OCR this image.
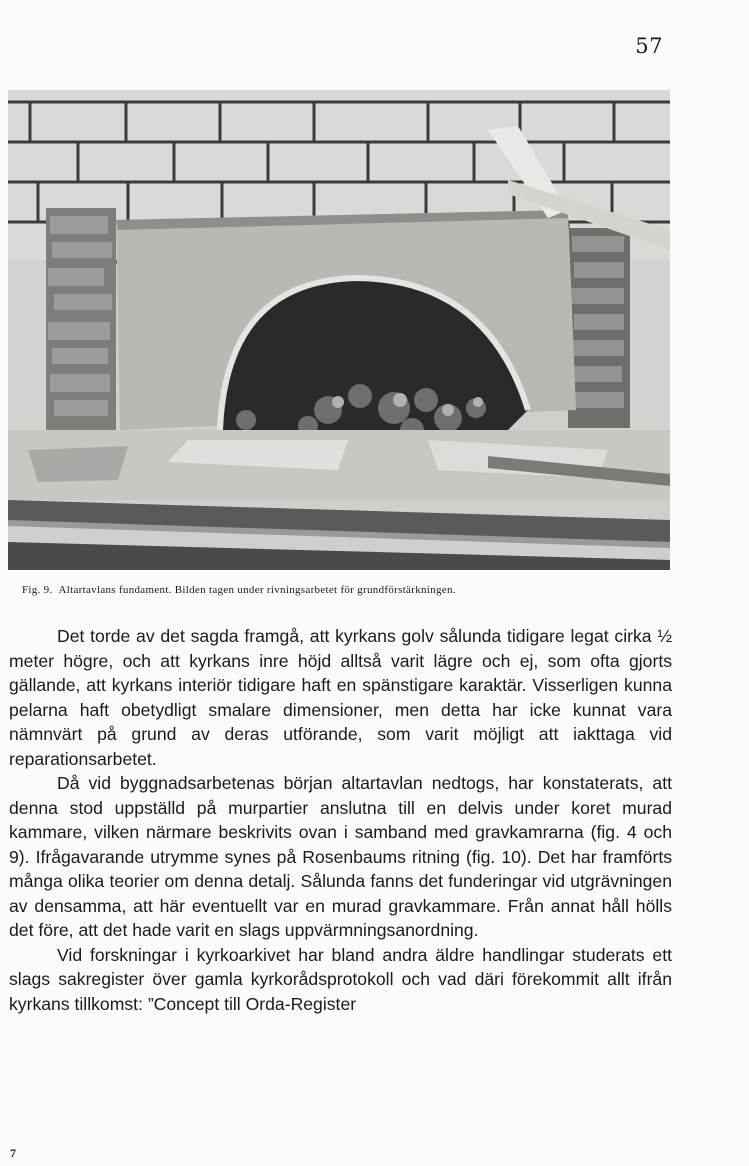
57
Fig. 9. Altartavlans fundament. Bilden tagen under rivningsarbetet för grundförstärkningen.

Det torde av det sagda framgå, att kyrkans golv sålunda tidigare legat cirka ½ meter högre, och att kyrkans inre höjd alltså varit lägre och ej, som ofta gjorts gällande, att kyrkans interiör tidigare haft en spänstigare karaktär. Visserligen kunna pelarna haft obetydligt smalare dimensioner, men detta har icke kunnat vara nämnvärt på grund av deras utförande, som varit möjligt att iakttaga vid reparationsarbetet.

Då vid byggnadsarbetenas början altartavlan nedtogs, har konstaterats, att denna stod uppställd på murpartier anslutna till en delvis under koret murad kammare, vilken närmare beskrivits ovan i samband med gravkamrarna (fig. 4 och 9). Ifrågavarande utrymme synes på Rosenbaums ritning (fig. 10). Det har framförts många olika teorier om denna detalj. Sålunda fanns det funderingar vid utgrävningen av densamma, att här eventuellt var en murad gravkammare. Från annat håll hölls det före, att det hade varit en slags uppvärmningsanordning.

Vid forskningar i kyrkoarkivet har bland andra äldre handlingar studerats ett slags sakregister över gamla kyrkorådsprotokoll och vad däri förekommit allt ifrån kyrkans tillkomst: ”Concept till Orda-Register

7
